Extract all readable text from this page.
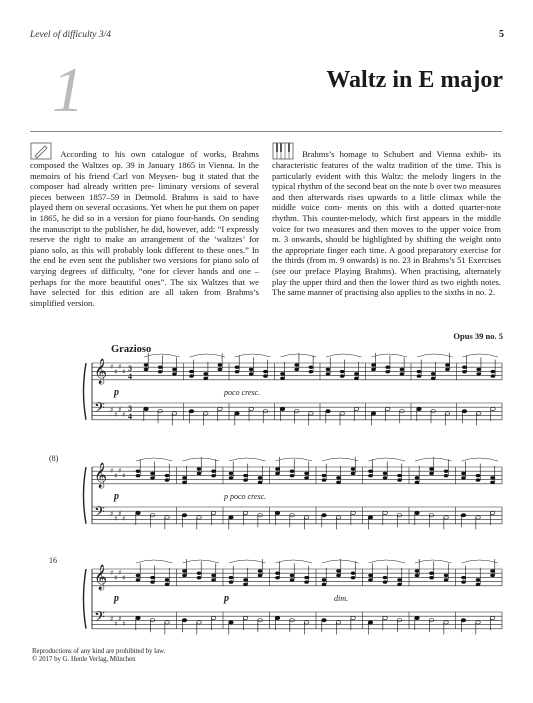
Level of difficulty 3/4	5
1	Waltz in E major
According to his own catalogue of works, Brahms composed the Waltzes op. 39 in January 1865 in Vienna. In the memoirs of his friend Carl von Meysen- bug it stated that the composer had already written pre- liminary versions of several pieces between 1857–59 in Detmold. Brahms is said to have played them on several occasions. Yet when he put them on paper in 1865, he did so in a version for piano four-hands. On sending the manuscript to the publisher, he did, however, add: “I expressly reserve the right to make an arrangement of the ‘waltzes’ for piano solo, as this will probably look different to these ones.” In the end he even sent the publisher two versions for piano solo of varying degrees of difficulty, “one for clever hands and one – perhaps for the more beautiful ones”. The six Waltzes that we have selected for this edition are all taken from Brahms’s simplified version.
Brahms’s homage to Schubert and Vienna exhib- its characteristic features of the waltz tradition of the time. This is particularly evident with this Waltz: the melody lingers in the typical rhythm of the second beat on the note b over two measures and then afterwards rises upwards to a little climax while the middle voice com- ments on this with a dotted quarter-note rhythm. This counter-melody, which first appears in the middle voice for two measures and then moves to the upper voice from m. 3 onwards, should be highlighted by shifting the weight onto the appropriate finger each time. A good preparatory exercise for the thirds (from m. 9 onwards) is no. 23 in Brahms’s 51 Exercises (see our preface Playing Brahms). When practising, alternately play the upper third and then the lower third as two eighth notes. The same manner of practising also applies to the sixths in no. 2.
Opus 39 no. 5
Grazioso
𝄞
𝄢
♯
♯
♯
♯
♯
♯
♯
♯
3
4
3
4
p	poco cresc.
𝄞
𝄢
♯
♯
♯
♯
♯
♯
♯
♯
(8)
p	p poco cresc.
𝄞
𝄢
♯
♯
♯
♯
♯
♯
♯
♯
16
p	p	dim.
Reproductions of any kind are prohibited by law.
© 2017 by G. Henle Verlag, München
